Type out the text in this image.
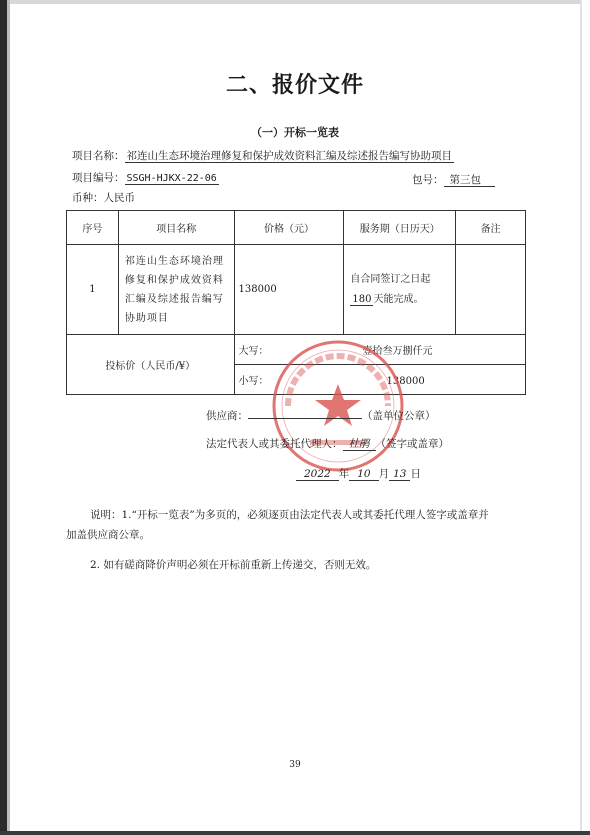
二、报价文件
（一）开标一览表
项目名称： 祁连山生态环境治理修复和保护成效资料汇编及综述报告编写协助项目
项目编号： SSGH-HJKX-22-06	包号： 第三包
币种：人民币
序号	项目名称	价格（元）	服务期（日历天）	备注
1	祁连山生态环境治理修复和保护成效资料汇编及综述报告编写协助项目	138000	自合同签订之日起
180 天能完成。	
投标价（人民币/¥）		大写： 壹拾叁万捌仟元		
		小写： 138000		
供应商：	（盖单位公章）
法定代表人或其委托代理人： 杜鹃 （签字或盖章）
2022 年 10 月 13 日
说明：1.“开标一览表”为多页的，必须逐页由法定代表人或其委托代理人签字或盖章并
加盖供应商公章。
2. 如有磋商降价声明必须在开标前重新上传递交，否则无效。
39
